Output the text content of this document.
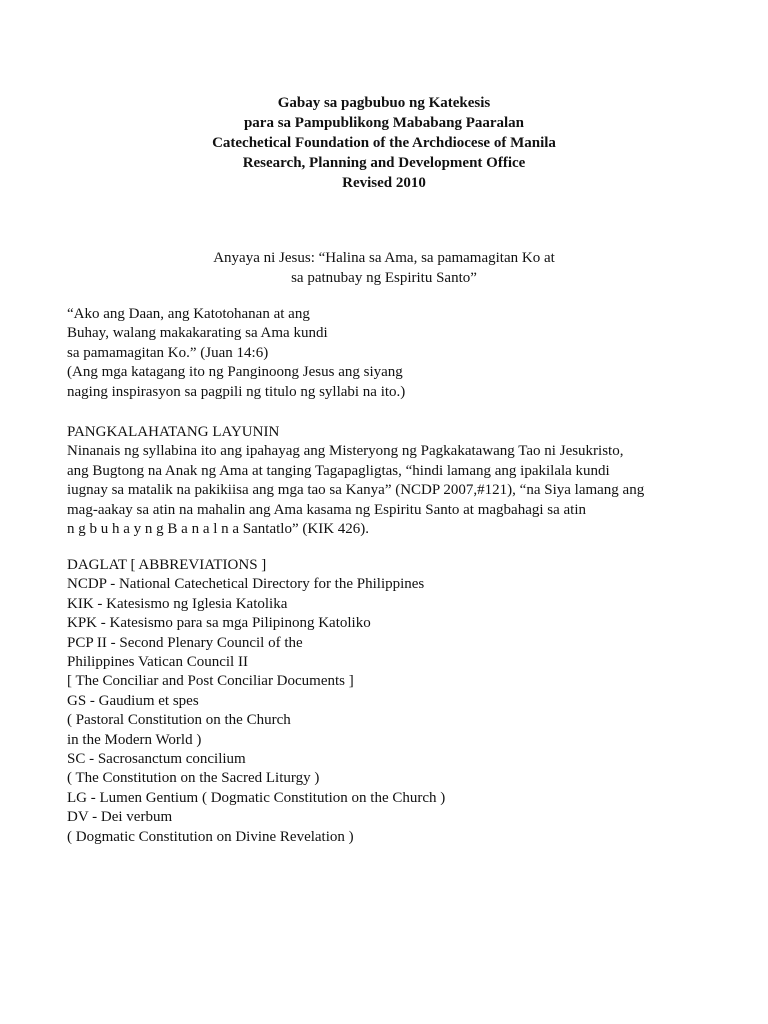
Gabay sa pagbubuo ng Katekesis
para sa Pampublikong Mababang Paaralan
Catechetical Foundation of the Archdiocese of Manila
Research, Planning and Development Office
Revised 2010
Anyaya ni Jesus: “Halina sa Ama, sa pamamagitan Ko at
sa patnubay ng Espiritu Santo”
“Ako ang Daan, ang Katotohanan at ang
Buhay, walang makakarating sa Ama kundi
sa pamamagitan Ko.” (Juan 14:6)
(Ang mga katagang ito ng Panginoong Jesus ang siyang
naging inspirasyon sa pagpili ng titulo ng syllabi na ito.)
PANGKALAHATANG LAYUNIN
Ninanais ng syllabina ito ang ipahayag ang Misteryong ng Pagkakatawang Tao ni Jesukristo,
ang Bugtong na Anak ng Ama at tanging Tagapagligtas, “hindi lamang ang ipakilala kundi
iugnay sa matalik na pakikiisa ang mga tao sa Kanya” (NCDP 2007,#121), “na Siya lamang ang
mag-aakay sa atin na mahalin ang Ama kasama ng Espiritu Santo at magbahagi sa atin
n g b u h a y n g B a n a l n a Santatlo” (KIK 426).
DAGLAT [ ABBREVIATIONS ]
NCDP - National Catechetical Directory for the Philippines
KIK - Katesismo ng Iglesia Katolika
KPK - Katesismo para sa mga Pilipinong Katoliko
PCP II - Second Plenary Council of the
Philippines Vatican Council II
[ The Conciliar and Post Conciliar Documents ]
GS - Gaudium et spes
( Pastoral Constitution on the Church
in the Modern World )
SC - Sacrosanctum concilium
( The Constitution on the Sacred Liturgy )
LG - Lumen Gentium ( Dogmatic Constitution on the Church )
DV - Dei verbum
( Dogmatic Constitution on Divine Revelation )
